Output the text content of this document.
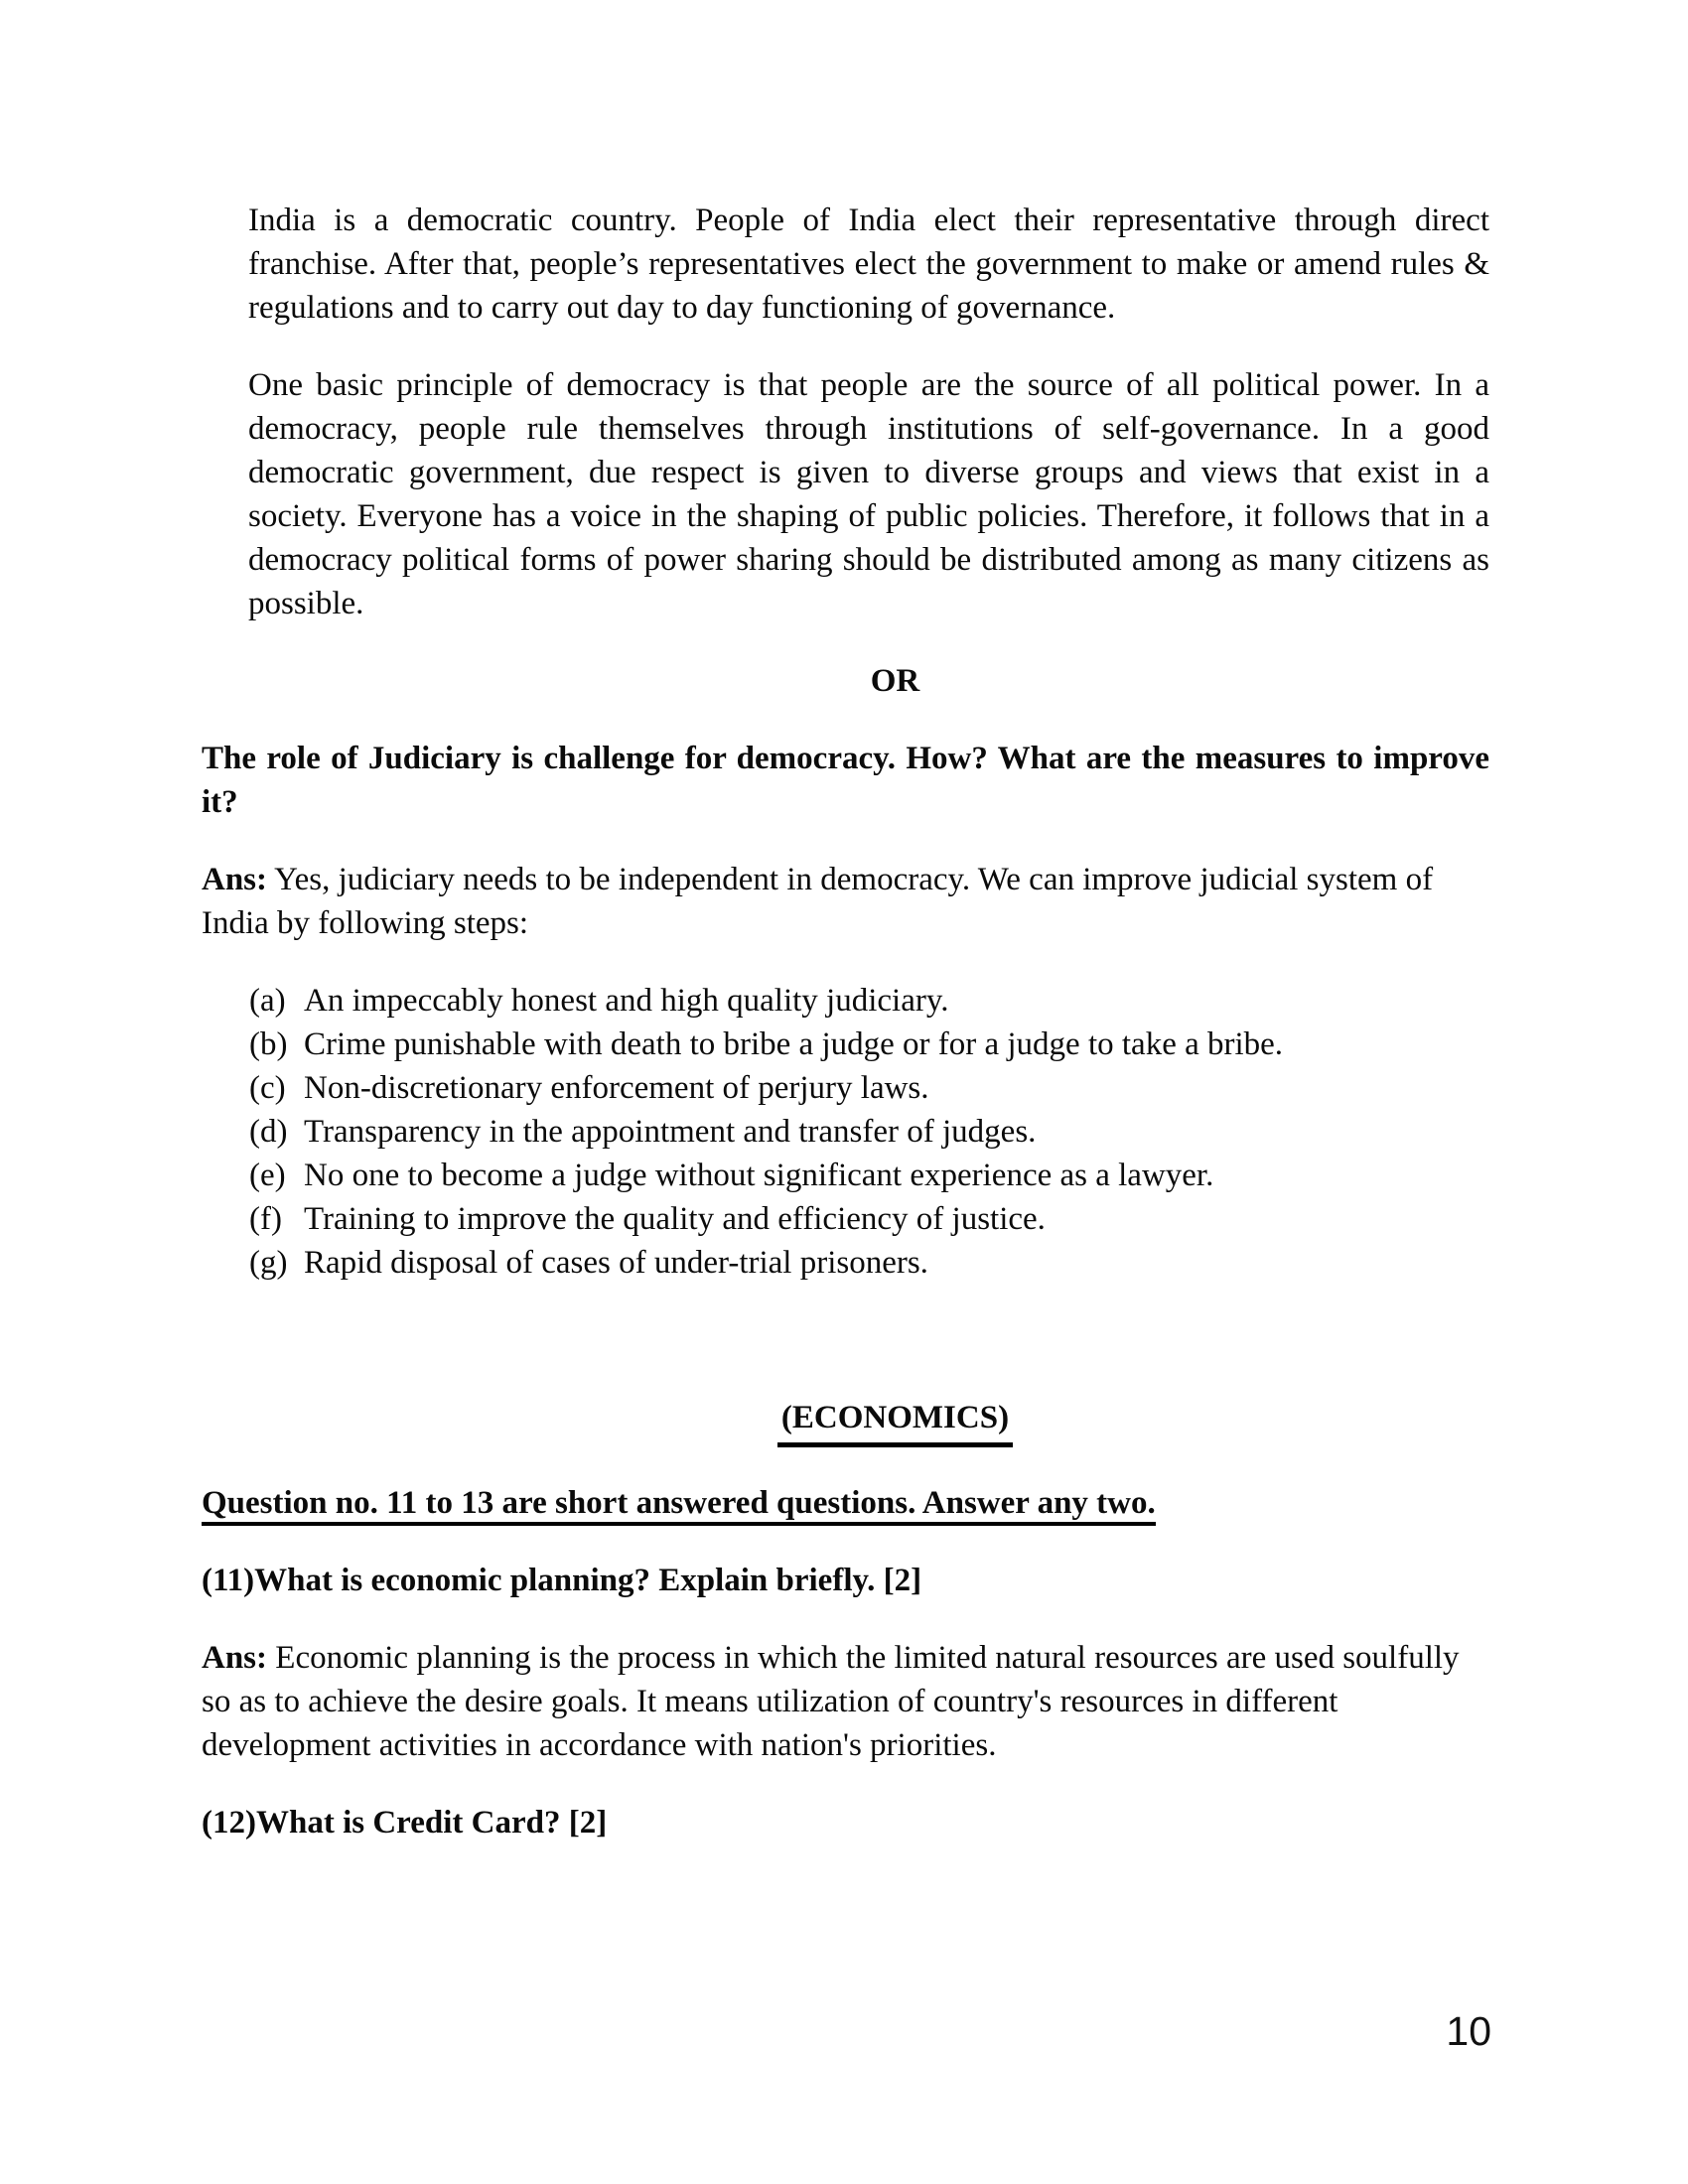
India is a democratic country. People of India elect their representative through direct franchise. After that, people’s representatives elect the government to make or amend rules & regulations and to carry out day to day functioning of governance.

One basic principle of democracy is that people are the source of all political power. In a democracy, people rule themselves through institutions of self-governance. In a good democratic government, due respect is given to diverse groups and views that exist in a society. Everyone has a voice in the shaping of public policies. Therefore, it follows that in a democracy political forms of power sharing should be distributed among as many citizens as possible.

OR

The role of Judiciary is challenge for democracy. How? What are the measures to improve it?

Ans: Yes, judiciary needs to be independent in democracy. We can improve judicial system of India by following steps:

(a) An impeccably honest and high quality judiciary.
(b) Crime punishable with death to bribe a judge or for a judge to take a bribe.
(c) Non-discretionary enforcement of perjury laws.
(d) Transparency in the appointment and transfer of judges.
(e) No one to become a judge without significant experience as a lawyer.
(f) Training to improve the quality and efficiency of justice.
(g) Rapid disposal of cases of under-trial prisoners.

(ECONOMICS)

Question no. 11 to 13 are short answered questions. Answer any two.

(11)What is economic planning? Explain briefly. [2]

Ans: Economic planning is the process in which the limited natural resources are used soulfully so as to achieve the desire goals. It means utilization of country's resources in different development activities in accordance with nation's priorities.

(12)What is Credit Card? [2]

10
